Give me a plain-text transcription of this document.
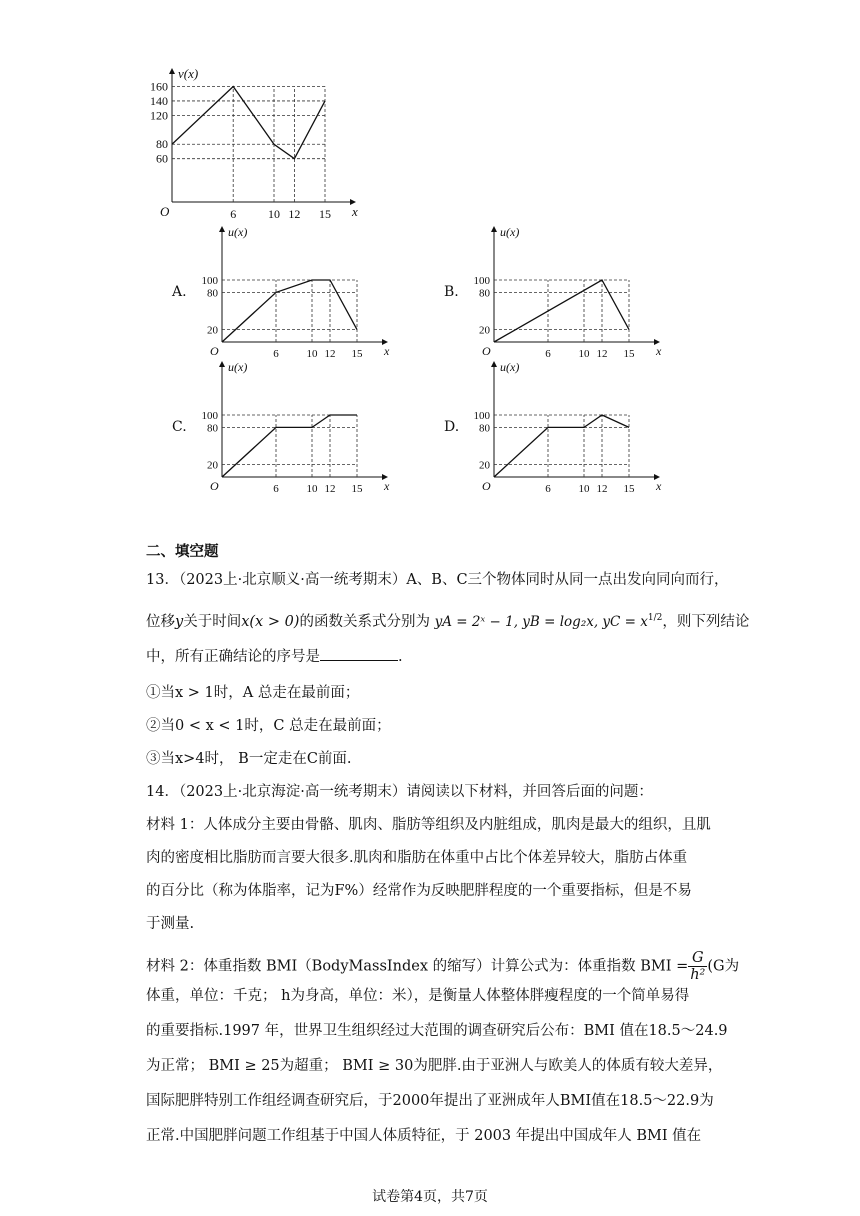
60
80
120
140
160
6	10 12 15
O	x
v(x)
A.
20
80
100
6	10 12 15
O	x
u(x)
B.
20
80
100
6	10 12 15
O	x
u(x)
C.
20
80
100
6	10 12 15
O	x
u(x)
D.
20
80
100
6	10 12 15
O	x
u(x)
二、填空题
13．（2023上·北京顺义·高一统考期末）A、B、C三个物体同时从同一点出发向同向而行，
位移y关于时间x(x > 0)的函数关系式分别为 yA = 2ˣ − 1, yB = log₂x, yC = $x^{1/2}$，则下列结论
中，所有正确结论的序号是	.
①当x > 1时，A 总走在最前面；
②当0 < x < 1时，C 总走在最前面；
③当x>4时， B一定走在C前面.
14．（2023上·北京海淀·高一统考期末）请阅读以下材料，并回答后面的问题：
材料 1：人体成分主要由骨骼、肌肉、脂肪等组织及内脏组成，肌肉是最大的组织，且肌
肉的密度相比脂肪而言要大很多.肌肉和脂肪在体重中占比个体差异较大，脂肪占体重
的百分比（称为体脂率，记为F%）经常作为反映肥胖程度的一个重要指标，但是不易
于测量.
材料 2：体重指数 BMI（BodyMassIndex 的缩写）计算公式为：体重指数 BMI = $\frac{G}{\text{h²}} (G$为
体重，单位：千克； h为身高，单位：米），是衡量人体整体胖瘦程度的一个简单易得
的重要指标.1997 年，世界卫生组织经过大范围的调查研究后公布：BMI 值在18.5～24.9
为正常； BMI ≥ 25为超重； BMI ≥ 30为肥胖.由于亚洲人与欧美人的体质有较大差异，
国际肥胖特别工作组经调查研究后，于2000年提出了亚洲成年人BMI值在18.5～22.9为
正常.中国肥胖问题工作组基于中国人体质特征，于 2003 年提出中国成年人 BMI 值在
试卷第4页，共7页
